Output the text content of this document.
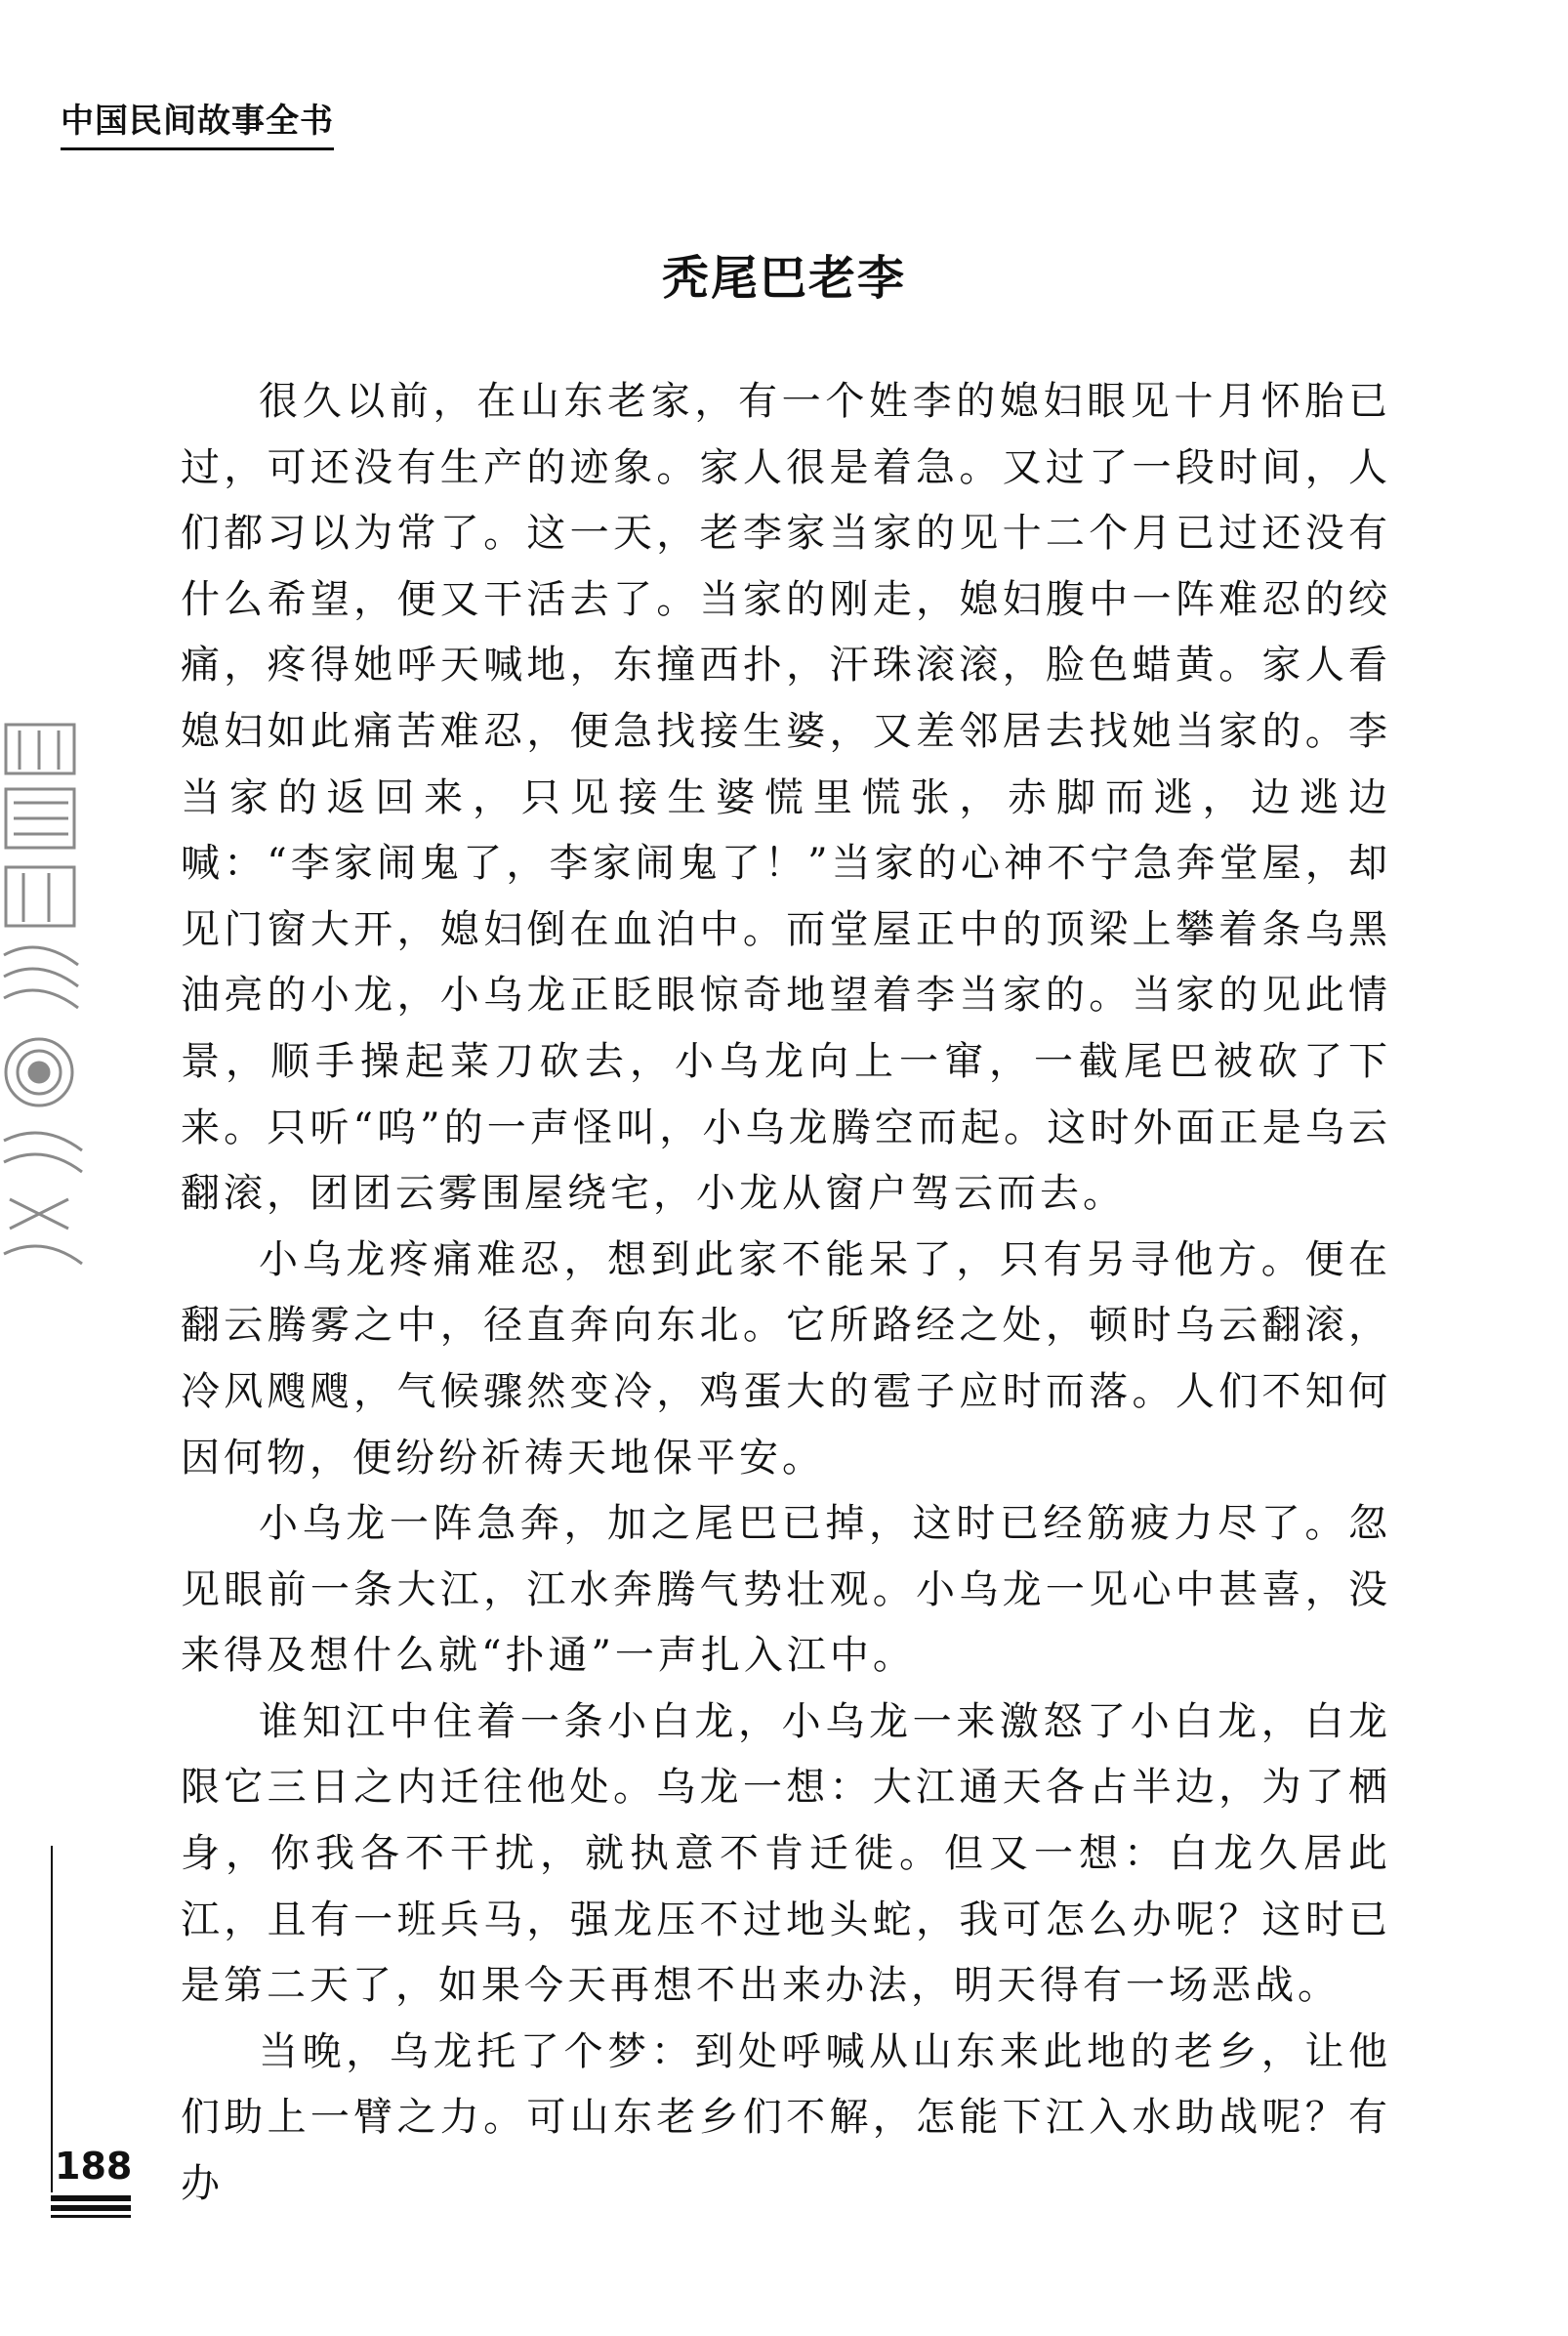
中国民间故事全书
秃尾巴老李

很久以前，在山东老家，有一个姓李的媳妇眼见十月怀胎已过，可还没有生产的迹象。家人很是着急。又过了一段时间，人们都习以为常了。这一天，老李家当家的见十二个月已过还没有什么希望，便又干活去了。当家的刚走，媳妇腹中一阵难忍的绞痛，疼得她呼天喊地，东撞西扑，汗珠滚滚，脸色蜡黄。家人看媳妇如此痛苦难忍，便急找接生婆，又差邻居去找她当家的。李当家的返回来，只见接生婆慌里慌张，赤脚而逃，边逃边喊：“李家闹鬼了，李家闹鬼了！”当家的心神不宁急奔堂屋，却见门窗大开，媳妇倒在血泊中。而堂屋正中的顶梁上攀着条乌黑油亮的小龙，小乌龙正眨眼惊奇地望着李当家的。当家的见此情景，顺手操起菜刀砍去，小乌龙向上一窜，一截尾巴被砍了下来。只听“呜”的一声怪叫，小乌龙腾空而起。这时外面正是乌云翻滚，团团云雾围屋绕宅，小龙从窗户驾云而去。

小乌龙疼痛难忍，想到此家不能呆了，只有另寻他方。便在翻云腾雾之中，径直奔向东北。它所路经之处，顿时乌云翻滚，冷风飕飕，气候骤然变冷，鸡蛋大的雹子应时而落。人们不知何因何物，便纷纷祈祷天地保平安。

小乌龙一阵急奔，加之尾巴已掉，这时已经筋疲力尽了。忽见眼前一条大江，江水奔腾气势壮观。小乌龙一见心中甚喜，没来得及想什么就“扑通”一声扎入江中。

谁知江中住着一条小白龙，小乌龙一来激怒了小白龙，白龙限它三日之内迁往他处。乌龙一想：大江通天各占半边，为了栖身，你我各不干扰，就执意不肯迁徙。但又一想：白龙久居此江，且有一班兵马，强龙压不过地头蛇，我可怎么办呢？这时已是第二天了，如果今天再想不出来办法，明天得有一场恶战。

当晚，乌龙托了个梦：到处呼喊从山东来此地的老乡，让他们助上一臂之力。可山东老乡们不解，怎能下江入水助战呢？有办

188
